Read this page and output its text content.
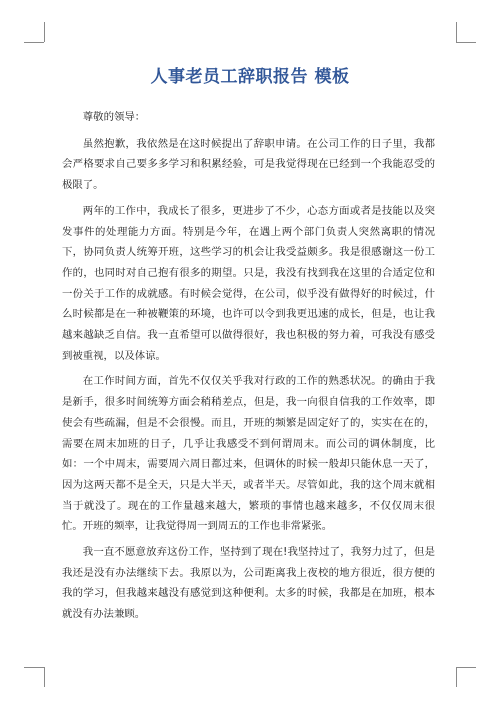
人事老员工辞职报告 模板

尊敬的领导：

虽然抱歉，我依然是在这时候提出了辞职申请。在公司工作的日子里，我都会严格要求自己要多多学习和积累经验，可是我觉得现在已经到一个我能忍受的极限了。

两年的工作中，我成长了很多，更进步了不少，心态方面或者是技能以及突发事件的处理能力方面。特别是今年，在遇上两个部门负责人突然离职的情况下，协同负责人统筹开班，这些学习的机会让我受益颇多。我是很感谢这一份工作的，也同时对自己抱有很多的期望。只是，我没有找到我在这里的合适定位和一份关于工作的成就感。有时候会觉得，在公司，似乎没有做得好的时候过，什么时候都是在一种被鞭策的环境，也许可以令到我更迅速的成长，但是，也让我越来越缺乏自信。我一直希望可以做得很好，我也积极的努力着，可我没有感受到被重视，以及体谅。

在工作时间方面，首先不仅仅关乎我对行政的工作的熟悉状况。的确由于我是新手，很多时间统筹方面会稍稍差点，但是，我一向很自信我的工作效率，即使会有些疏漏，但是不会很慢。而且，开班的频繁是固定好了的，实实在在的，需要在周末加班的日子，几乎让我感受不到何谓周末。而公司的调休制度，比如：一个中周末，需要周六周日都过来，但调休的时候一般却只能休息一天了，因为这两天都不是全天，只是大半天，或者半天。尽管如此，我的这个周末就相当于就没了。现在的工作量越来越大，繁琐的事情也越来越多，不仅仅周末很忙。开班的频率，让我觉得周一到周五的工作也非常紧张。

我一直不愿意放弃这份工作，坚持到了现在!我坚持过了，我努力过了，但是我还是没有办法继续下去。我原以为，公司距离我上夜校的地方很近，很方便的我的学习，但我越来越没有感觉到这种便利。太多的时候，我都是在加班，根本就没有办法兼顾。
